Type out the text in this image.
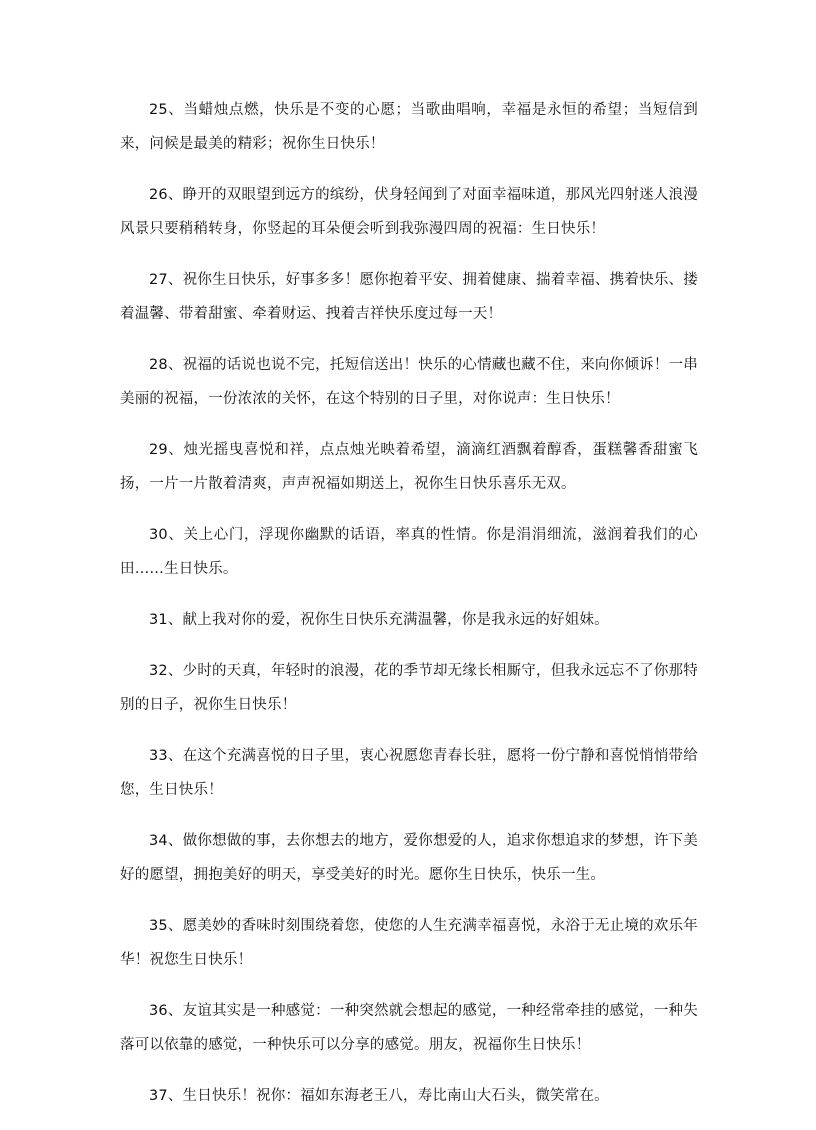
25、当蜡烛点燃，快乐是不变的心愿；当歌曲唱响，幸福是永恒的希望；当短信到来，问候是最美的精彩；祝你生日快乐！

26、睁开的双眼望到远方的缤纷，伏身轻闻到了对面幸福味道，那风光四射迷人浪漫风景只要稍稍转身，你竖起的耳朵便会听到我弥漫四周的祝福：生日快乐！

27、祝你生日快乐，好事多多！愿你抱着平安、拥着健康、揣着幸福、携着快乐、搂着温馨、带着甜蜜、牵着财运、拽着吉祥快乐度过每一天！

28、祝福的话说也说不完，托短信送出！快乐的心情藏也藏不住，来向你倾诉！一串美丽的祝福，一份浓浓的关怀，在这个特别的日子里，对你说声：生日快乐！

29、烛光摇曳喜悦和祥，点点烛光映着希望，滴滴红酒飘着醇香，蛋糕馨香甜蜜飞扬，一片一片散着清爽，声声祝福如期送上，祝你生日快乐喜乐无双。

30、关上心门，浮现你幽默的话语，率真的性情。你是涓涓细流，滋润着我们的心田……生日快乐。

31、献上我对你的爱，祝你生日快乐充满温馨，你是我永远的好姐妹。

32、少时的天真，年轻时的浪漫，花的季节却无缘长相厮守，但我永远忘不了你那特别的日子，祝你生日快乐！

33、在这个充满喜悦的日子里，衷心祝愿您青春长驻，愿将一份宁静和喜悦悄悄带给您，生日快乐！

34、做你想做的事，去你想去的地方，爱你想爱的人，追求你想追求的梦想，许下美好的愿望，拥抱美好的明天，享受美好的时光。愿你生日快乐，快乐一生。

35、愿美妙的香味时刻围绕着您，使您的人生充满幸福喜悦，永浴于无止境的欢乐年华！祝您生日快乐！

36、友谊其实是一种感觉：一种突然就会想起的感觉，一种经常牵挂的感觉，一种失落可以依靠的感觉，一种快乐可以分享的感觉。朋友，祝福你生日快乐！

37、生日快乐！祝你：福如东海老王八，寿比南山大石头，微笑常在。
